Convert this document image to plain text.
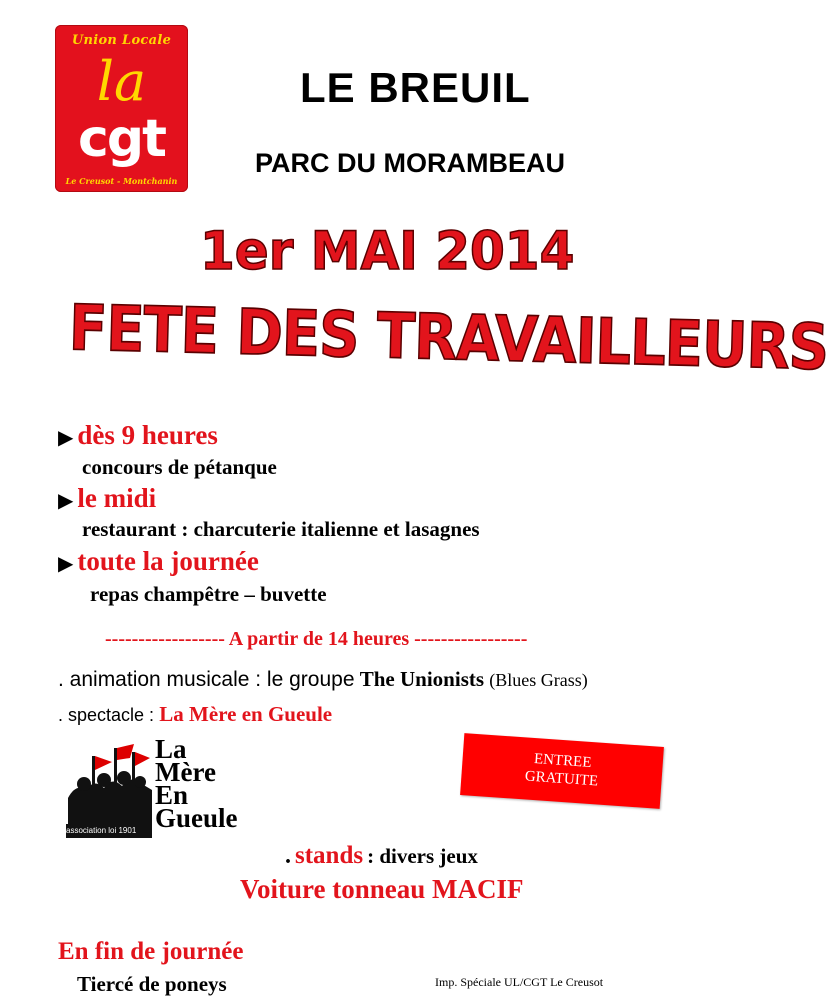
Union Locale
la
cgt
Le Creusot - Montchanin
LE BREUIL
PARC DU MORAMBEAU
1er MAI 2014
FETE DES TRAVAILLEURS
▶ dès 9 heures
concours de pétanque
▶ le midi
restaurant : charcuterie italienne et lasagnes
▶ toute la journée
repas champêtre – buvette
------------------ A partir de 14 heures -----------------
. animation musicale : le groupe The Unionists (Blues Grass)
. spectacle : La Mère en Gueule
La
Mère
En
Gueule
association loi 1901
ENTREE
GRATUITE
. stands : divers jeux
Voiture tonneau MACIF
En fin de journée
Tiercé de poneys	Imp. Spéciale UL/CGT Le Creusot
